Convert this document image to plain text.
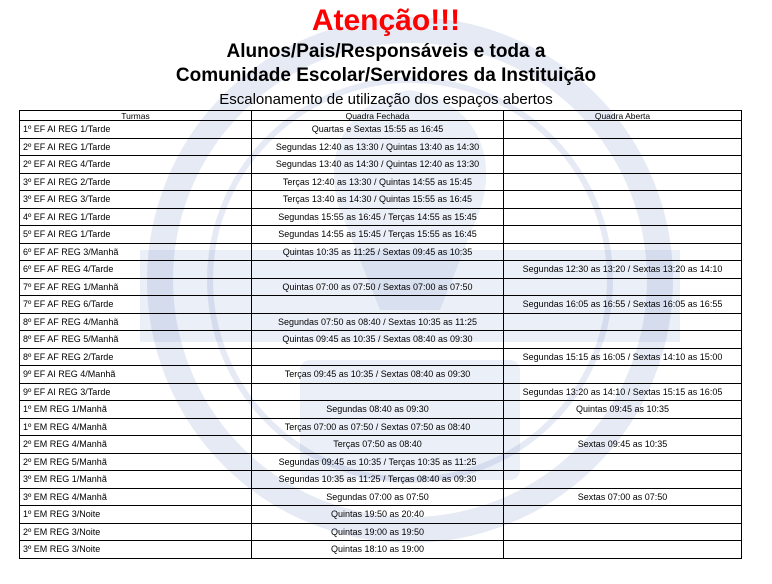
Atenção!!!
Alunos/Pais/Responsáveis e toda a
Comunidade Escolar/Servidores da Instituição
Escalonamento de utilização dos espaços abertos
Turmas	Quadra Fechada	Quadra Aberta
1º EF AI REG 1/Tarde	Quartas e Sextas 15:55 as 16:45	
2º EF AI REG 1/Tarde	Segundas 12:40 as 13:30 / Quintas 13:40 as 14:30	
2º EF AI REG 4/Tarde	Segundas 13:40 as 14:30 / Quintas 12:40 as 13:30	
3º EF AI REG 2/Tarde	Terças 12:40 as 13:30 / Quintas 14:55 as 15:45	
3º EF AI REG 3/Tarde	Terças 13:40 as 14:30 / Quintas 15:55 as 16:45	
4º EF AI REG 1/Tarde	Segundas 15:55 as 16:45 / Terças 14:55 as 15:45	
5º EF AI REG 1/Tarde	Segundas 14:55 as 15:45 / Terças 15:55 as 16:45	
6º EF AF REG 3/Manhã	Quintas 10:35 as 11:25 / Sextas 09:45 as 10:35	
6º EF AF REG 4/Tarde		Segundas 12:30 as 13:20 / Sextas 13:20 as 14:10
7º EF AF REG 1/Manhã	Quintas 07:00 as 07:50 / Sextas 07:00 as 07:50	
7º EF AF REG 6/Tarde		Segundas 16:05 as 16:55 / Sextas 16:05 as 16:55
8º EF AF REG 4/Manhã	Segundas 07:50 as 08:40 / Sextas 10:35 as 11:25	
8º EF AF REG 5/Manhã	Quintas 09:45 as 10:35 / Sextas 08:40 as 09:30	
8º EF AF REG 2/Tarde		Segundas 15:15 as 16:05 / Sextas 14:10 as 15:00
9º EF AI REG 4/Manhã	Terças 09:45 as 10:35 / Sextas 08:40 as 09:30	
9º EF AI REG 3/Tarde		Segundas 13:20 as 14:10 / Sextas 15:15 as 16:05
1º EM REG 1/Manhã	Segundas 08:40 as 09:30	Quintas 09:45 as 10:35
1º EM REG 4/Manhã	Terças 07:00 as 07:50 / Sextas 07:50 as 08:40	
2º EM REG 4/Manhã	Terças 07:50 as 08:40	Sextas 09:45 as 10:35
2º EM REG 5/Manhã	Segundas 09:45 as 10:35 / Terças 10:35 as 11:25	
3º EM REG 1/Manhã	Segundas 10:35 as 11:25 / Terças 08:40 as 09:30	
3º EM REG 4/Manhã	Segundas 07:00 as 07:50	Sextas 07:00 as 07:50
1º EM REG 3/Noite	Quintas 19:50 as 20:40	
2º EM REG 3/Noite	Quintas 19:00 as 19:50	
3º EM REG 3/Noite	Quintas 18:10 as 19:00	
